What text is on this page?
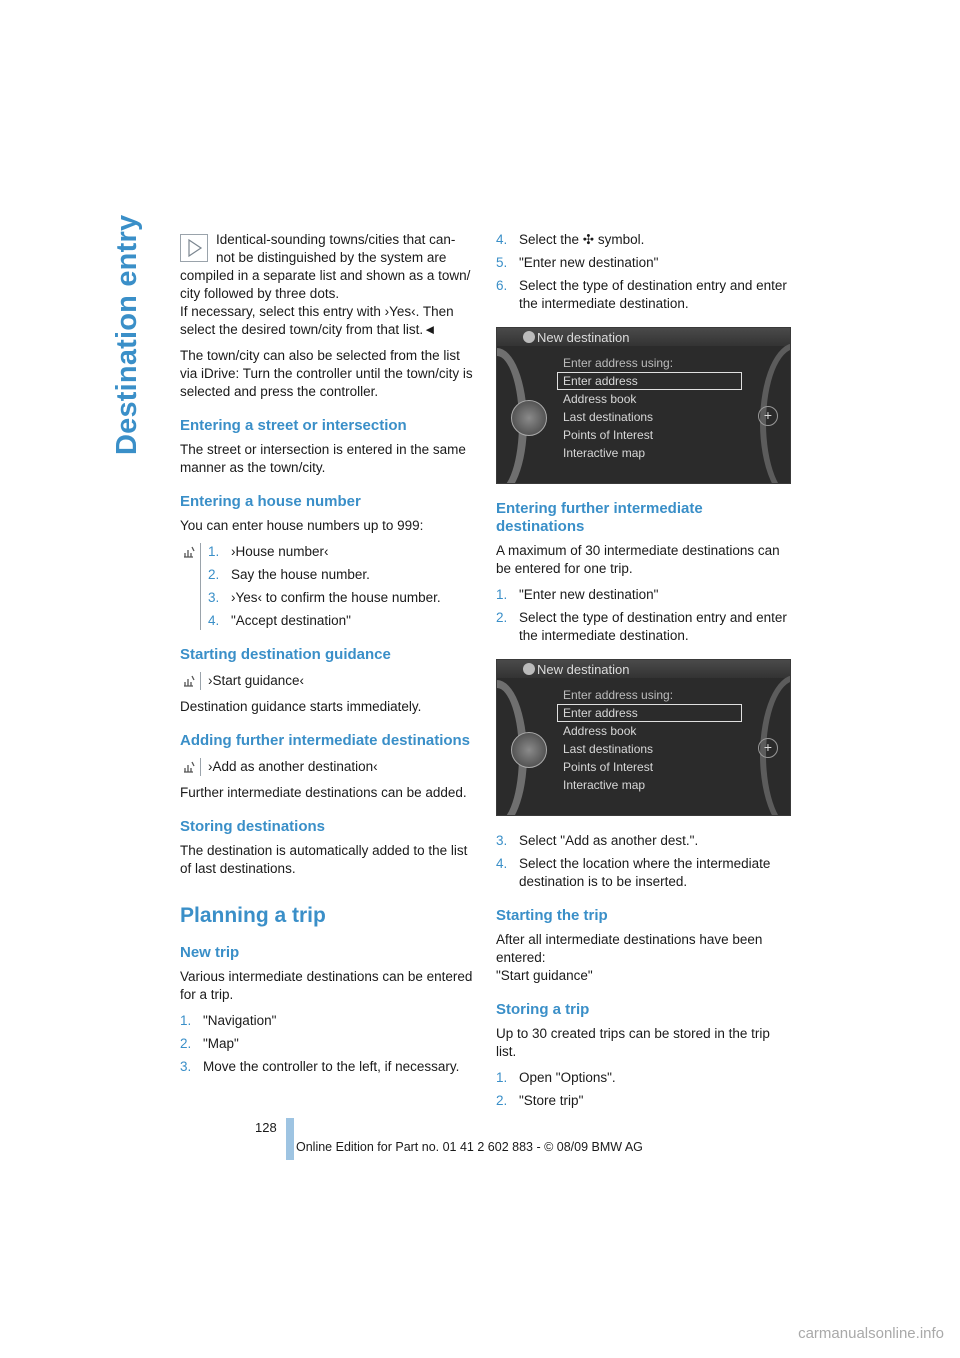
Destination entry	Identical-sounding towns/cities that can-

not be distinguished by the system are

compiled in a separate list and shown as a town/ city followed by three dots.

If necessary, select this entry with ›Yes‹. Then select the desired town/city from that list.◄

The town/city can also be selected from the list via iDrive: Turn the controller until the town/city is selected and press the controller.

Entering a street or intersection

The street or intersection is entered in the same manner as the town/city.

Entering a house number

You can enter house numbers up to 999:

1. ›House number‹
2. Say the house number.
3. ›Yes‹ to confirm the house number.
4. "Accept destination"
Starting destination guidance
›Start guidance‹

Destination guidance starts immediately.

Adding further intermediate destinations
›Add as another destination‹

Further intermediate destinations can be added.

Storing destinations

The destination is automatically added to the list of last destinations.

Planning a trip
New trip

Various intermediate destinations can be entered for a trip.

1. "Navigation"
2. "Map"
3. Move the controller to the left, if necessary.
4. Select the ✣ symbol.
5. "Enter new destination"
6. Select the type of destination entry and enter the intermediate destination.
New destination
+
Enter address using:
Enter address
Address book
Last destinations
Points of Interest
Interactive map
Entering further intermediate destinations

A maximum of 30 intermediate destinations can be entered for one trip.

1. "Enter new destination"
2. Select the type of destination entry and enter the intermediate destination.
New destination
+
Enter address using:
Enter address
Address book
Last destinations
Points of Interest
Interactive map
3. Select "Add as another dest.".
4. Select the location where the intermediate destination is to be inserted.
Starting the trip

After all intermediate destinations have been entered:

"Start guidance"

Storing a trip

Up to 30 created trips can be stored in the trip list.

1. Open "Options".
2. "Store trip"
128
Online Edition for Part no. 01 41 2 602 883 - © 08/09 BMW AG
carmanualsonline.info
